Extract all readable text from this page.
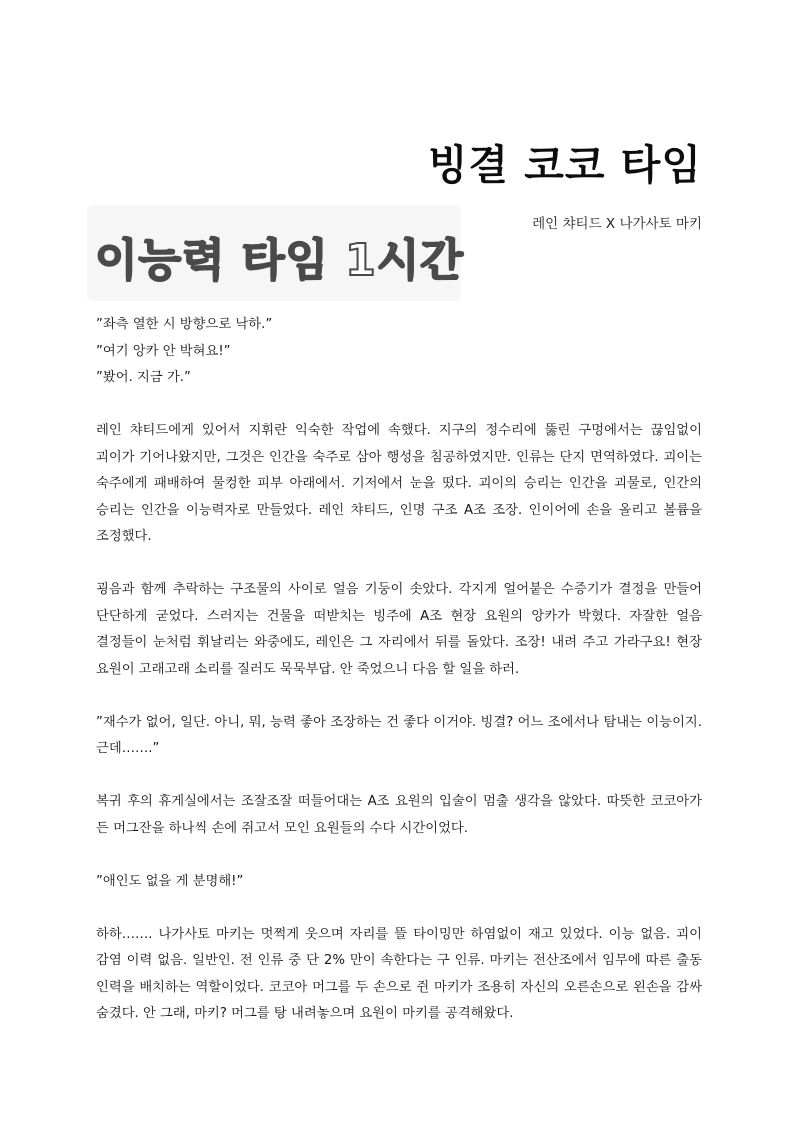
빙결 코코 타임
레인 챠티드 X 나가사토 마키
이능력 타임 1시간

”좌측 열한 시 방향으로 낙하.”

”여기 앙카 안 박혀요!”

”봤어. 지금 가.”

레인 챠티드에게 있어서 지휘란 익숙한 작업에 속했다. 지구의 정수리에 뚫린 구멍에서는 끊임없이 괴이가 기어나왔지만, 그것은 인간을 숙주로 삼아 행성을 침공하였지만. 인류는 단지 면역하였다. 괴이는 숙주에게 패배하여 물컹한 피부 아래에서. 기저에서 눈을 떴다. 괴이의 승리는 인간을 괴물로, 인간의 승리는 인간을 이능력자로 만들었다. 레인 챠티드, 인명 구조 A조 조장. 인이어에 손을 올리고 볼륨을 조정했다.

굉음과 함께 추락하는 구조물의 사이로 얼음 기둥이 솟았다. 각지게 얼어붙은 수증기가 결정을 만들어 단단하게 굳었다. 스러지는 건물을 떠받치는 빙주에 A조 현장 요원의 앙카가 박혔다. 자잘한 얼음 결정들이 눈처럼 휘날리는 와중에도, 레인은 그 자리에서 뒤를 돌았다. 조장! 내려 주고 가라구요! 현장 요원이 고래고래 소리를 질러도 묵묵부답. 안 죽었으니 다음 할 일을 하러.

”재수가 없어, 일단. 아니, 뭐, 능력 좋아 조장하는 건 좋다 이거야. 빙결? 어느 조에서나 탐내는 이능이지. 근데…….”

복귀 후의 휴게실에서는 조잘조잘 떠들어대는 A조 요원의 입술이 멈출 생각을 않았다. 따뜻한 코코아가 든 머그잔을 하나씩 손에 쥐고서 모인 요원들의 수다 시간이었다.

”애인도 없을 게 분명해!”

하하……. 나가사토 마키는 멋쩍게 웃으며 자리를 뜰 타이밍만 하염없이 재고 있었다. 이능 없음. 괴이 감염 이력 없음. 일반인. 전 인류 중 단 2% 만이 속한다는 구 인류. 마키는 전산조에서 임무에 따른 출동 인력을 배치하는 역할이었다. 코코아 머그를 두 손으로 쥔 마키가 조용히 자신의 오른손으로 왼손을 감싸 숨겼다. 안 그래, 마키? 머그를 탕 내려놓으며 요원이 마키를 공격해왔다.
